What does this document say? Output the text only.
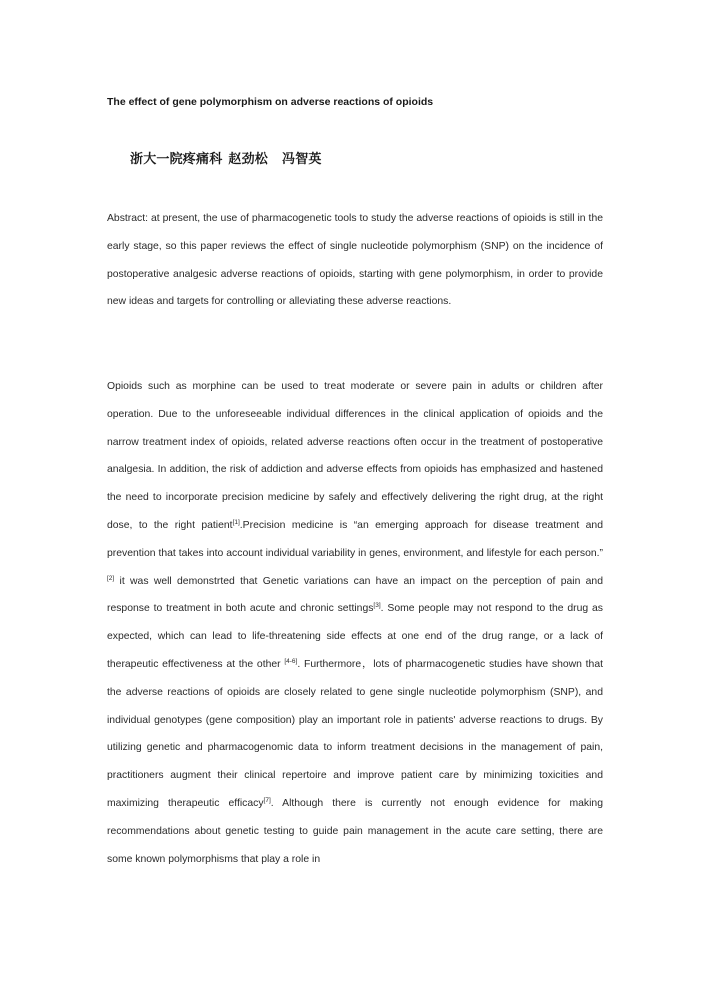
The effect of gene polymorphism on adverse reactions of opioids
浙大一院疼痛科 赵劲松 冯智英
Abstract: at present, the use of pharmacogenetic tools to study the adverse reactions of opioids is still in the early stage, so this paper reviews the effect of single nucleotide polymorphism (SNP) on the incidence of postoperative analgesic adverse reactions of opioids, starting with gene polymorphism, in order to provide new ideas and targets for controlling or alleviating these adverse reactions.
Opioids such as morphine can be used to treat moderate or severe pain in adults or children after operation. Due to the unforeseeable individual differences in the clinical application of opioids and the narrow treatment index of opioids, related adverse reactions often occur in the treatment of postoperative analgesia. In addition, the risk of addiction and adverse effects from opioids has emphasized and hastened the need to incorporate precision medicine by safely and effectively delivering the right drug, at the right dose, to the right patient[1].Precision medicine is “an emerging approach for disease treatment and prevention that takes into account individual variability in genes, environment, and lifestyle for each person.” [2] it was well demonstrted that Genetic variations can have an impact on the perception of pain and response to treatment in both acute and chronic settings[3]. Some people may not respond to the drug as expected, which can lead to life-threatening side effects at one end of the drug range, or a lack of therapeutic effectiveness at the other [4-6]. Furthermore，lots of pharmacogenetic studies have shown that the adverse reactions of opioids are closely related to gene single nucleotide polymorphism (SNP), and individual genotypes (gene composition) play an important role in patients' adverse reactions to drugs. By utilizing genetic and pharmacogenomic data to inform treatment decisions in the management of pain, practitioners augment their clinical repertoire and improve patient care by minimizing toxicities and maximizing therapeutic efficacy[7]. Although there is currently not enough evidence for making recommendations about genetic testing to guide pain management in the acute care setting, there are some known polymorphisms that play a role in
